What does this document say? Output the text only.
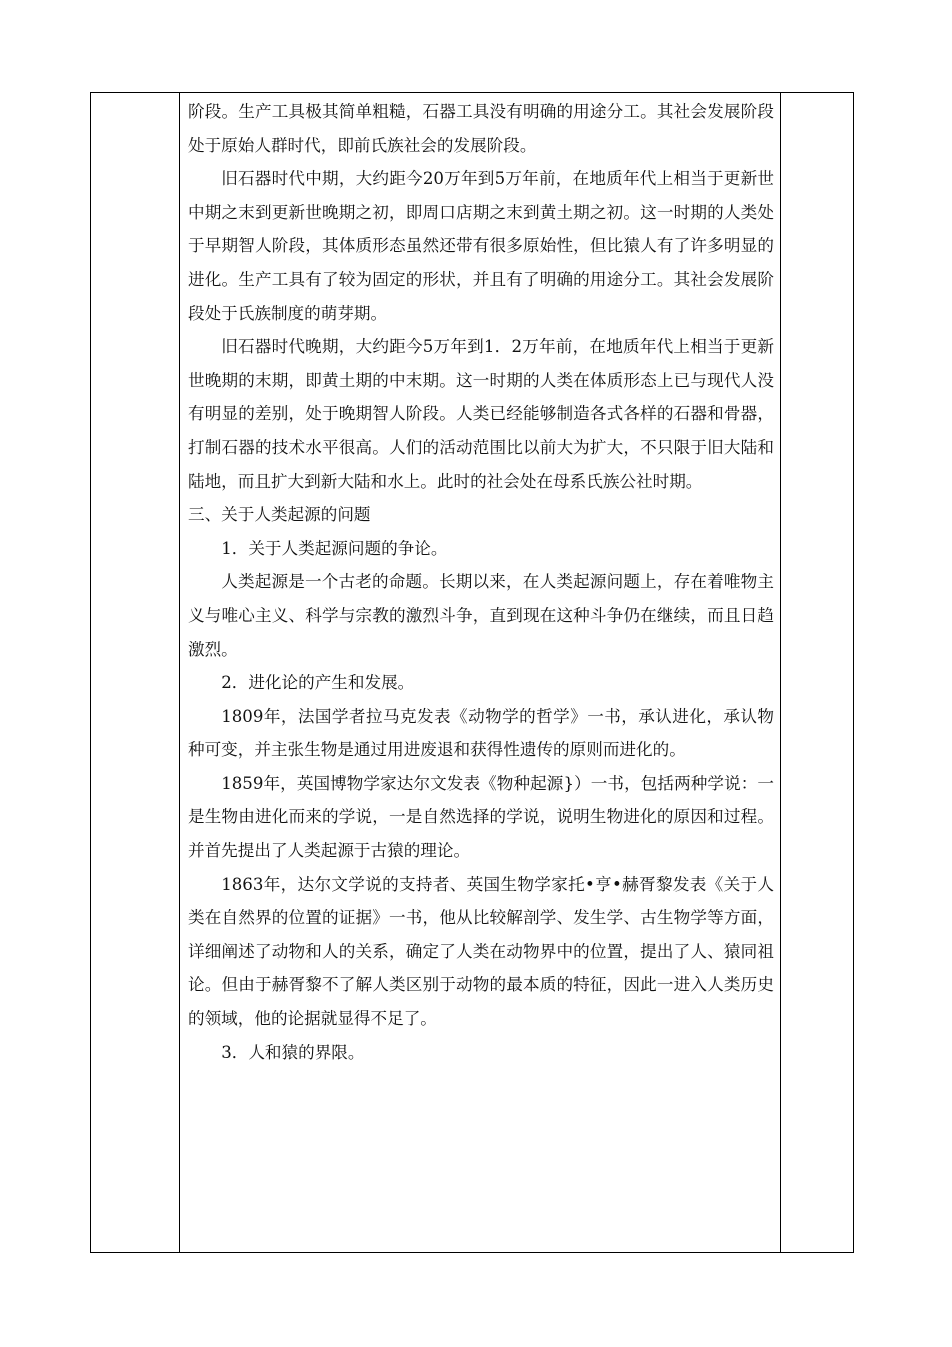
阶段。生产工具极其简单粗糙，石器工具没有明确的用途分工。其社会发展阶段处于原始人群时代，即前氏族社会的发展阶段。

旧石器时代中期，大约距今20万年到5万年前，在地质年代上相当于更新世中期之末到更新世晚期之初，即周口店期之末到黄土期之初。这一时期的人类处于早期智人阶段，其体质形态虽然还带有很多原始性，但比猿人有了许多明显的进化。生产工具有了较为固定的形状，并且有了明确的用途分工。其社会发展阶段处于氏族制度的萌芽期。

旧石器时代晚期，大约距今5万年到1．2万年前，在地质年代上相当于更新世晚期的末期，即黄土期的中末期。这一时期的人类在体质形态上已与现代人没有明显的差别，处于晚期智人阶段。人类已经能够制造各式各样的石器和骨器，打制石器的技术水平很高。人们的活动范围比以前大为扩大，不只限于旧大陆和陆地，而且扩大到新大陆和水上。此时的社会处在母系氏族公社时期。

三、关于人类起源的问题

1．关于人类起源问题的争论。

人类起源是一个古老的命题。长期以来，在人类起源问题上，存在着唯物主义与唯心主义、科学与宗教的激烈斗争，直到现在这种斗争仍在继续，而且日趋激烈。

2．进化论的产生和发展。

1809年，法国学者拉马克发表《动物学的哲学》一书，承认进化，承认物种可变，并主张生物是通过用进废退和获得性遗传的原则而进化的。

1859年，英国博物学家达尔文发表《物种起源}）一书，包括两种学说：一是生物由进化而来的学说，一是自然选择的学说，说明生物进化的原因和过程。并首先提出了人类起源于古猿的理论。

1863年，达尔文学说的支持者、英国生物学家托•亨•赫胥黎发表《关于人类在自然界的位置的证据》一书，他从比较解剖学、发生学、古生物学等方面，详细阐述了动物和人的关系，确定了人类在动物界中的位置，提出了人、猿同祖论。但由于赫胥黎不了解人类区别于动物的最本质的特征，因此一进入人类历史的领域，他的论据就显得不足了。

3．人和猿的界限。
